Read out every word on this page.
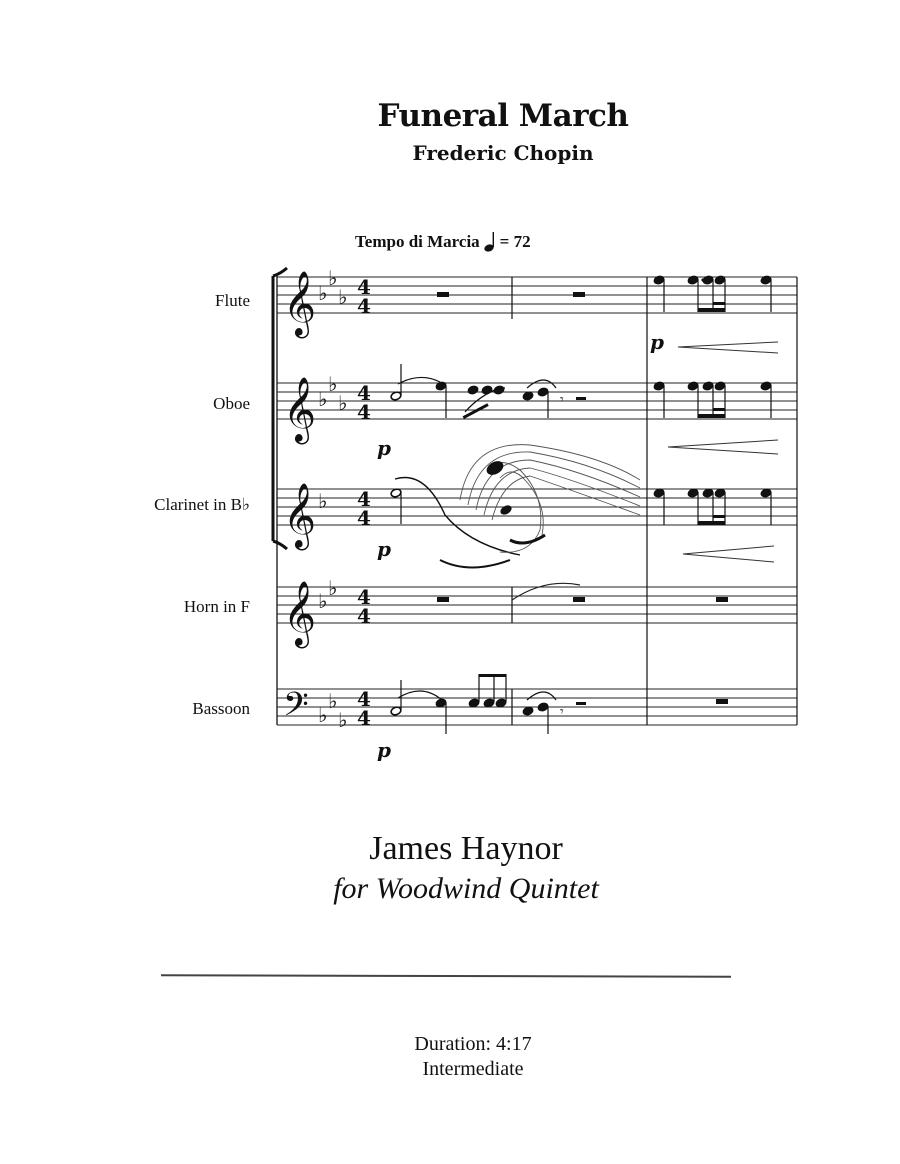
Funeral March
Frederic Chopin
Tempo di Marcia = 72
Flute
Oboe
Clarinet in B♭
Horn in F
Bassoon
𝄞
𝄞
𝄞
𝄞
𝄢
♭
♭
♭
♭
♭
♭
♭
♭
♭
♭
♭
♭
4
4
4
4
4
4
4
4
4
4
𝄾
𝄾
p
p
p
p
James Haynor
for Woodwind Quintet
Duration: 4:17
Intermediate
